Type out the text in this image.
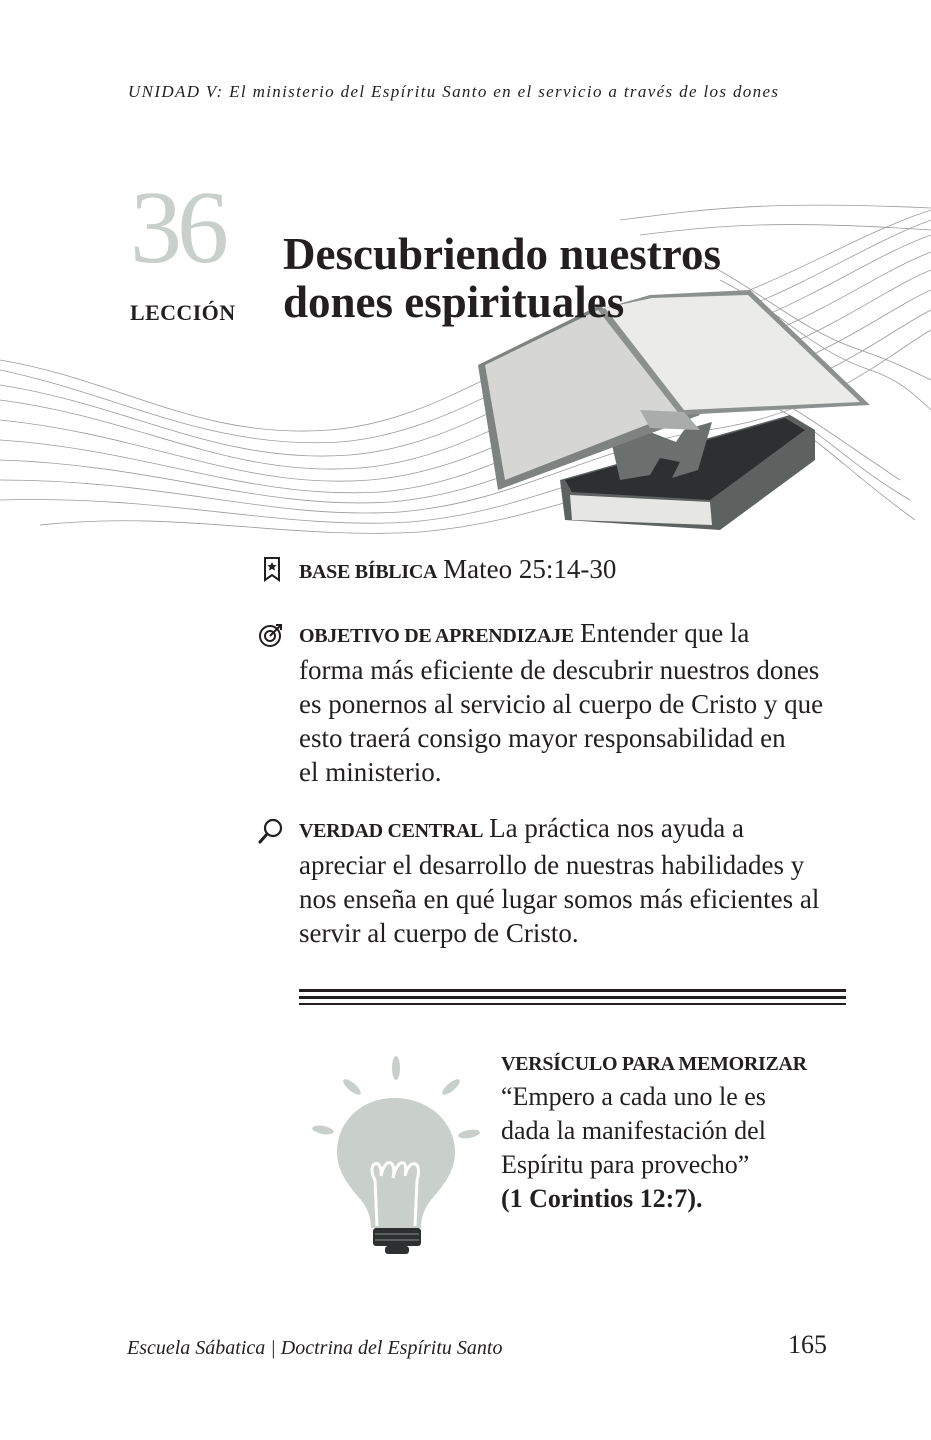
UNIDAD V: El ministerio del Espíritu Santo en el servicio a través de los dones
36
LECCIÓN
Descubriendo nuestros
dones espirituales
BASE BÍBLICA Mateo 25:14-30
OBJETIVO DE APRENDIZAJE Entender que la
forma más eficiente de descubrir nuestros dones
es ponernos al servicio al cuerpo de Cristo y que
esto traerá consigo mayor responsabilidad en
el ministerio.
VERDAD CENTRAL La práctica nos ayuda a
apreciar el desarrollo de nuestras habilidades y
nos enseña en qué lugar somos más eficientes al
servir al cuerpo de Cristo.
VERSÍCULO PARA MEMORIZAR
“Empero a cada uno le es
dada la manifestación del
Espíritu para provecho”
(1 Corintios 12:7).
Escuela Sábatica | Doctrina del Espíritu Santo	165
